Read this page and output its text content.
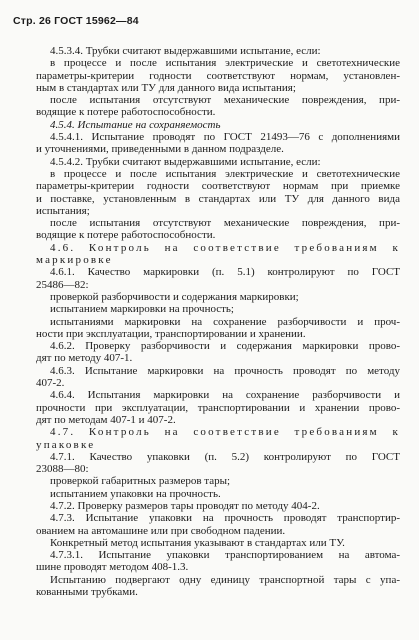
Стр. 26 ГОСТ 15962—84
4.5.3.4. Трубки считают выдержавшими испытание, если:
в процессе и после испытания электрические и светотехнические
параметры-критерии годности соответствуют нормам, установлен-
ным в стандартах или ТУ для данного вида испытания;
после испытания отсутствуют механические повреждения, при-
водящие к потере работоспособности.
4.5.4. Испытание на сохраняемость
4.5.4.1. Испытание проводят по ГОСТ 21493—76 с дополнениями
и уточнениями, приведенными в данном подразделе.
4.5.4.2. Трубки считают выдержавшими испытание, если:
в процессе и после испытания электрические и светотехнические
параметры-критерии годности соответствуют нормам при приемке
и поставке, установленным в стандартах или ТУ для данного вида
испытания;
после испытания отсутствуют механические повреждения, при-
водящие к потере работоспособности.
4.6. Контроль на соответствие требованиям к
маркировке
4.6.1. Качество маркировки (п. 5.1) контролируют по ГОСТ
25486—82:
проверкой разборчивости и содержания маркировки;
испытанием маркировки на прочность;
испытаниями маркировки на сохранение разборчивости и проч-
ности при эксплуатации, транспортировании и хранении.
4.6.2. Проверку разборчивости и содержания маркировки прово-
дят по методу 407-1.
4.6.3. Испытание маркировки на прочность проводят по методу
407-2.
4.6.4. Испытания маркировки на сохранение разборчивости и
прочности при эксплуатации, транспортировании и хранении прово-
дят по методам 407-1 и 407-2.
4.7. Контроль на соответствие требованиям к
упаковке
4.7.1. Качество упаковки (п. 5.2) контролируют по ГОСТ
23088—80:
проверкой габаритных размеров тары;
испытанием упаковки на прочность.
4.7.2. Проверку размеров тары проводят по методу 404-2.
4.7.3. Испытание упаковки на прочность проводят транспортир-
ованием на автомашине или при свободном падении.
Конкретный метод испытания указывают в стандартах или ТУ.
4.7.3.1. Испытание упаковки транспортированием на автома-
шине проводят методом 408-1.3.
Испытанию подвергают одну единицу транспортной тары с упа-
кованными трубками.
